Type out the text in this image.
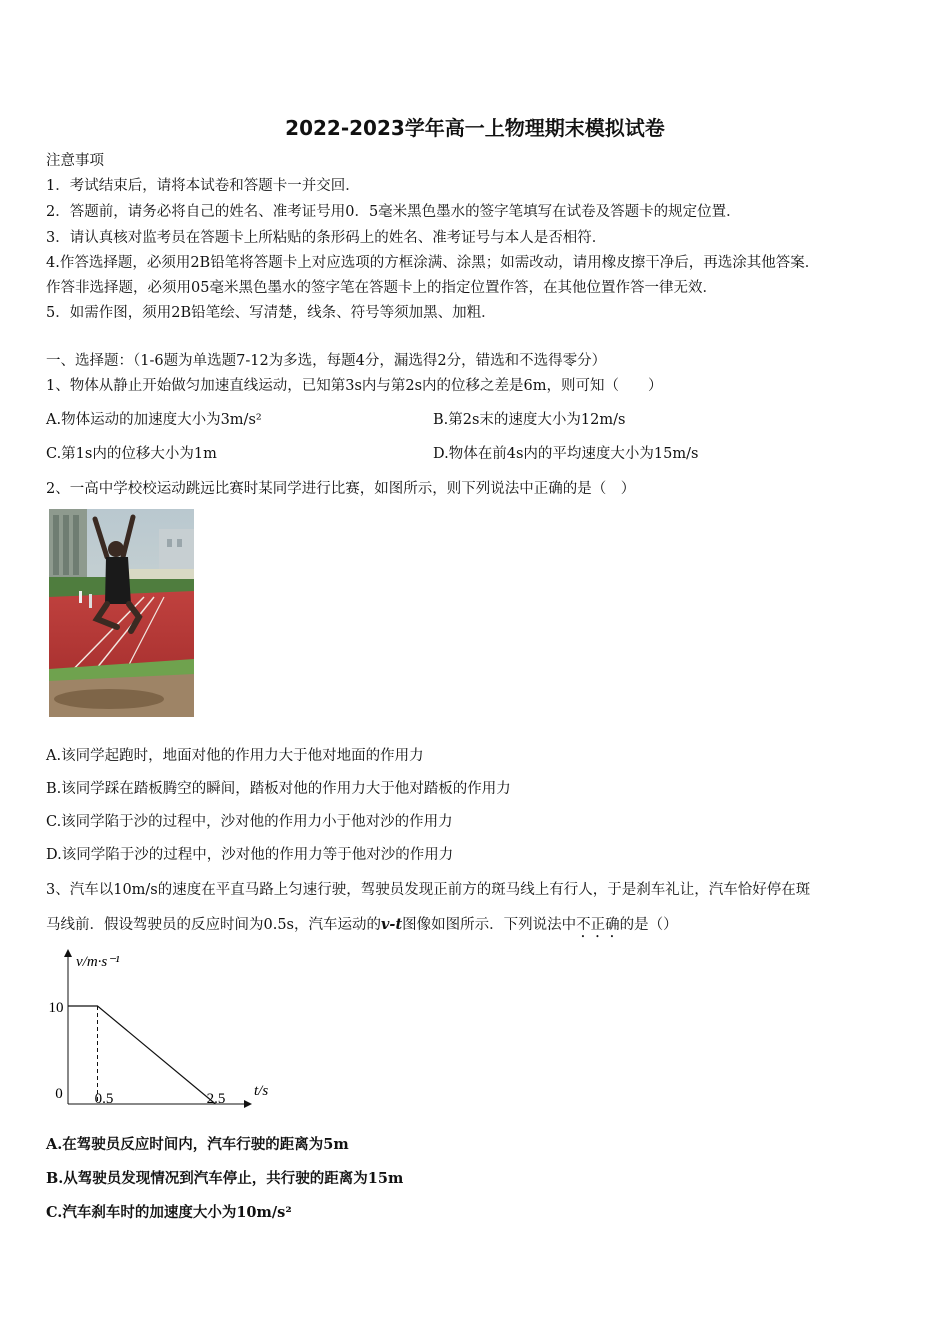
2022-2023学年高一上物理期末模拟试卷
注意事项
1．考试结束后，请将本试卷和答题卡一并交回．
2．答题前，请务必将自己的姓名、准考证号用0．5毫米黑色墨水的签字笔填写在试卷及答题卡的规定位置．
3．请认真核对监考员在答题卡上所粘贴的条形码上的姓名、准考证号与本人是否相符．
4.作答选择题，必须用2B铅笔将答题卡上对应选项的方框涂满、涂黑；如需改动，请用橡皮擦干净后，再选涂其他答案．
作答非选择题，必须用05毫米黑色墨水的签字笔在答题卡上的指定位置作答，在其他位置作答一律无效．
5．如需作图，须用2B铅笔绘、写清楚，线条、符号等须加黑、加粗．
一、选择题：（1-6题为单选题7-12为多选，每题4分，漏选得2分，错选和不选得零分）
1、物体从静止开始做匀加速直线运动，已知第3s内与第2s内的位移之差是6m，则可知（　　）
A.物体运动的加速度大小为3m/s²	B.第2s末的速度大小为12m/s
C.第1s内的位移大小为1m	D.物体在前4s内的平均速度大小为15m/s
2、一高中学校校运动跳远比赛时某同学进行比赛，如图所示，则下列说法中正确的是（　）
A.该同学起跑时，地面对他的作用力大于他对地面的作用力
B.该同学踩在踏板腾空的瞬间，踏板对他的作用力大于他对踏板的作用力
C.该同学陷于沙的过程中，沙对他的作用力小于他对沙的作用力
D.该同学陷于沙的过程中，沙对他的作用力等于他对沙的作用力
3、汽车以10m/s的速度在平直马路上匀速行驶，驾驶员发现正前方的斑马线上有行人，于是刹车礼让，汽车恰好停在斑
马线前．假设驾驶员的反应时间为0.5s，汽车运动的v-t图像如图所示．下列说法中不正确的是（）
v/m·s⁻¹
t/s
0
10
0.5	2.5
A.在驾驶员反应时间内，汽车行驶的距离为5m
B.从驾驶员发现情况到汽车停止，共行驶的距离为15m
C.汽车刹车时的加速度大小为10m/s²
